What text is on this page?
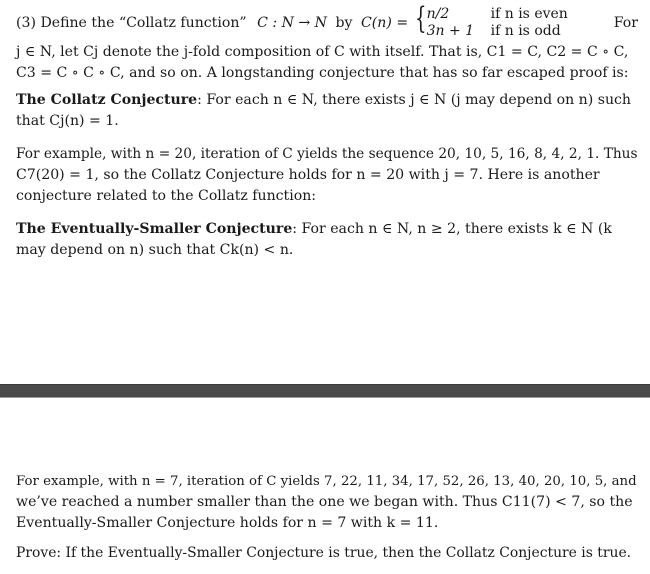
(3) Define the “Collatz function” C : N → N by C(n) = { n/2	if n is even
3n + 1 if n is odd	For
j ∈ N, let Cj denote the j-fold composition of C with itself. That is, C1 = C, C2 = C ∘ C,
C3 = C ∘ C ∘ C, and so on. A longstanding conjecture that has so far escaped proof is:
The Collatz Conjecture: For each n ∈ N, there exists j ∈ N (j may depend on n) such
that Cj(n) = 1.
For example, with n = 20, iteration of C yields the sequence 20, 10, 5, 16, 8, 4, 2, 1. Thus
C7(20) = 1, so the Collatz Conjecture holds for n = 20 with j = 7. Here is another
conjecture related to the Collatz function:
The Eventually-Smaller Conjecture: For each n ∈ N, n ≥ 2, there exists k ∈ N (k
may depend on n) such that Ck(n) < n.
For example, with n = 7, iteration of C yields 7, 22, 11, 34, 17, 52, 26, 13, 40, 20, 10, 5, and
we’ve reached a number smaller than the one we began with. Thus C11(7) < 7, so the
Eventually-Smaller Conjecture holds for n = 7 with k = 11.
Prove: If the Eventually-Smaller Conjecture is true, then the Collatz Conjecture is true.
